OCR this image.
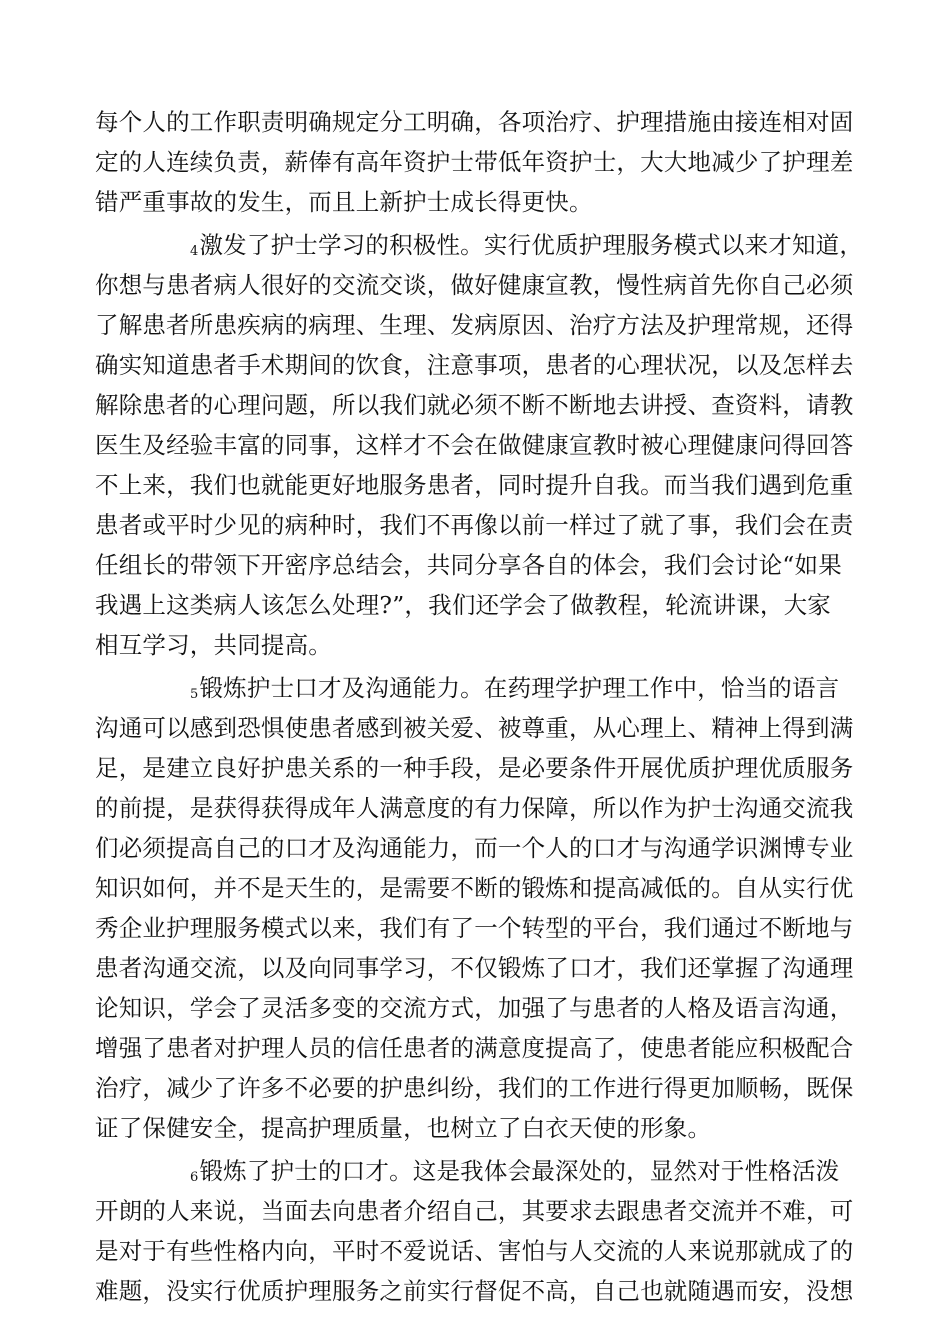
每个人的工作职责明确规定分工明确，各项治疗、护理措施由接连相对固
定的人连续负责，薪俸有高年资护士带低年资护士，大大地减少了护理差
错严重事故的发生，而且上新护士成长得更快。
4激发了护士学习的积极性。实行优质护理服务模式以来才知道，
你想与患者病人很好的交流交谈，做好健康宣教，慢性病首先你自己必须
了解患者所患疾病的病理、生理、发病原因、治疗方法及护理常规，还得
确实知道患者手术期间的饮食，注意事项，患者的心理状况，以及怎样去
解除患者的心理问题，所以我们就必须不断不断地去讲授、查资料，请教
医生及经验丰富的同事，这样才不会在做健康宣教时被心理健康问得回答
不上来，我们也就能更好地服务患者，同时提升自我。而当我们遇到危重
患者或平时少见的病种时，我们不再像以前一样过了就了事，我们会在责
任组长的带领下开密序总结会，共同分享各自的体会，我们会讨论“如果
我遇上这类病人该怎么处理?”，我们还学会了做教程，轮流讲课，大家
相互学习，共同提高。
5锻炼护士口才及沟通能力。在药理学护理工作中，恰当的语言
沟通可以感到恐惧使患者感到被关爱、被尊重，从心理上、精神上得到满
足，是建立良好护患关系的一种手段，是必要条件开展优质护理优质服务
的前提，是获得获得成年人满意度的有力保障，所以作为护士沟通交流我
们必须提高自己的口才及沟通能力，而一个人的口才与沟通学识渊博专业
知识如何，并不是天生的，是需要不断的锻炼和提高减低的。自从实行优
秀企业护理服务模式以来，我们有了一个转型的平台，我们通过不断地与
患者沟通交流，以及向同事学习，不仅锻炼了口才，我们还掌握了沟通理
论知识，学会了灵活多变的交流方式，加强了与患者的人格及语言沟通，
增强了患者对护理人员的信任患者的满意度提高了，使患者能应积极配合
治疗，减少了许多不必要的护患纠纷，我们的工作进行得更加顺畅，既保
证了保健安全，提高护理质量，也树立了白衣天使的形象。
6锻炼了护士的口才。这是我体会最深处的，显然对于性格活泼
开朗的人来说，当面去向患者介绍自己，其要求去跟患者交流并不难，可
是对于有些性格内向，平时不爱说话、害怕与人交流的人来说那就成了的
难题，没实行优质护理服务之前实行督促不高，自己也就随遇而安，没想
